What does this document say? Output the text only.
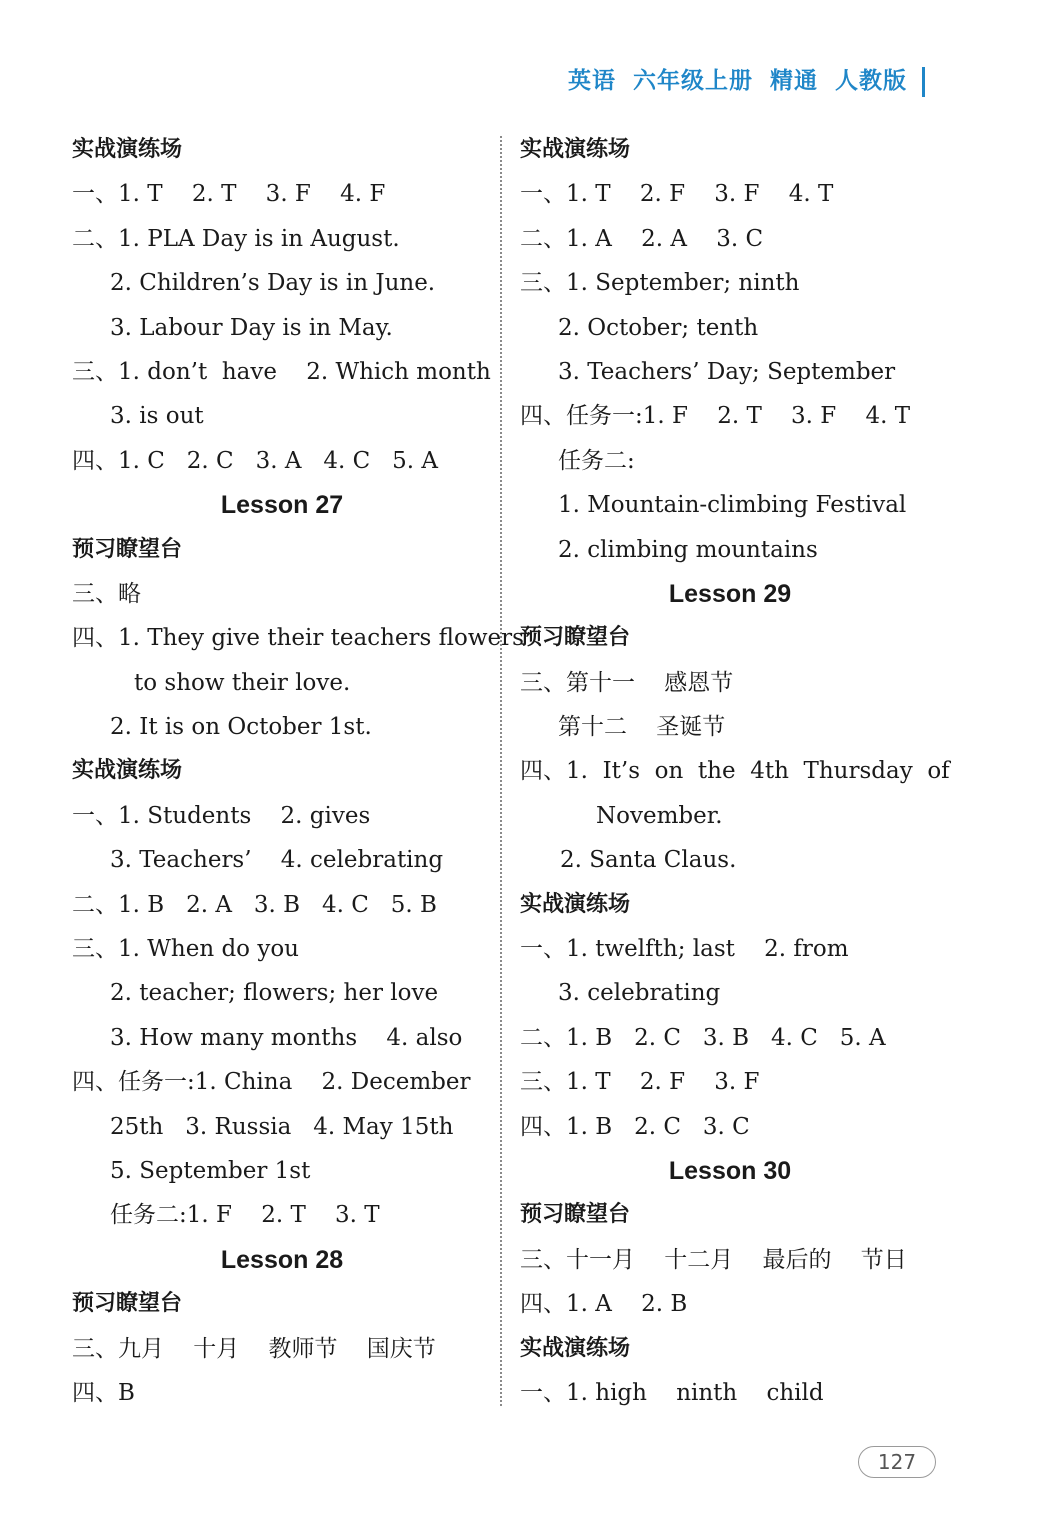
英语 六年级上册 精通 人教版
实战演练场
一、1. T    2. T    3. F    4. F
二、1. PLA Day is in August.
2. Children’s Day is in June.
3. Labour Day is in May.
三、1. don’t  have    2. Which month
3. is out
四、1. C   2. C   3. A   4. C   5. A
Lesson 27
预习瞭望台
三、略
四、1. They give their teachers flowers
to show their love.
2. It is on October 1st.
实战演练场
一、1. Students    2. gives
3. Teachers’    4. celebrating
二、1. B   2. A   3. B   4. C   5. B
三、1. When do you
2. teacher; flowers; her love
3. How many months    4. also
四、任务一:1. China    2. December
25th   3. Russia   4. May 15th
5. September 1st
任务二:1. F    2. T    3. T
Lesson 28
预习瞭望台
三、九月    十月    教师节    国庆节
四、B
实战演练场
一、1. T    2. F    3. F    4. T
二、1. A    2. A    3. C
三、1. September; ninth
2. October; tenth
3. Teachers’ Day; September
四、任务一:1. F    2. T    3. F    4. T
任务二:
1. Mountain-climbing Festival
2. climbing mountains
Lesson 29
预习瞭望台
三、第十一    感恩节
第十二    圣诞节
四、1.  It’s  on  the  4th  Thursday  of
November.
2. Santa Claus.
实战演练场
一、1. twelfth; last    2. from
3. celebrating
二、1. B   2. C   3. B   4. C   5. A
三、1. T    2. F    3. F
四、1. B   2. C   3. C
Lesson 30
预习瞭望台
三、十一月    十二月    最后的    节日
四、1. A    2. B
实战演练场
一、1. high    ninth    child
127
